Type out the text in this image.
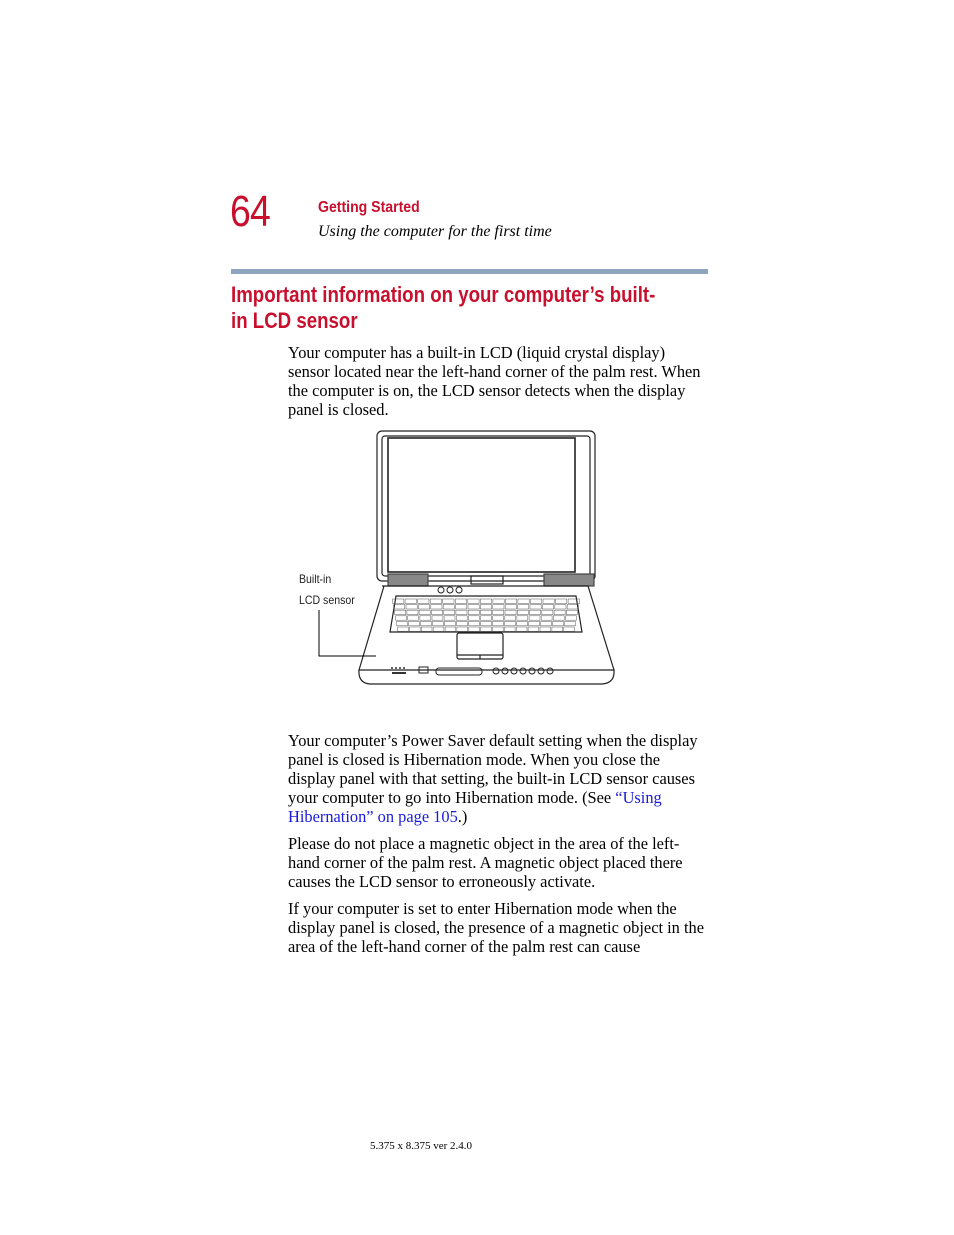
64	Getting Started
Using the computer for the first time
Important information on your computer’s built-in LCD sensor

Your computer has a built-in LCD (liquid crystal display) sensor located near the left-hand corner of the palm rest. When the computer is on, the LCD sensor detects when the display panel is closed.

Built-in
LCD sensor

Your computer’s Power Saver default setting when the display panel is closed is Hibernation mode. When you close the display panel with that setting, the built-in LCD sensor causes your computer to go into Hibernation mode. (See “Using Hibernation” on page 105.)

Please do not place a magnetic object in the area of the left-hand corner of the palm rest. A magnetic object placed there causes the LCD sensor to erroneously activate.

If your computer is set to enter Hibernation mode when the display panel is closed, the presence of a magnetic object in the area of the left-hand corner of the palm rest can cause

5.375 x 8.375 ver 2.4.0
